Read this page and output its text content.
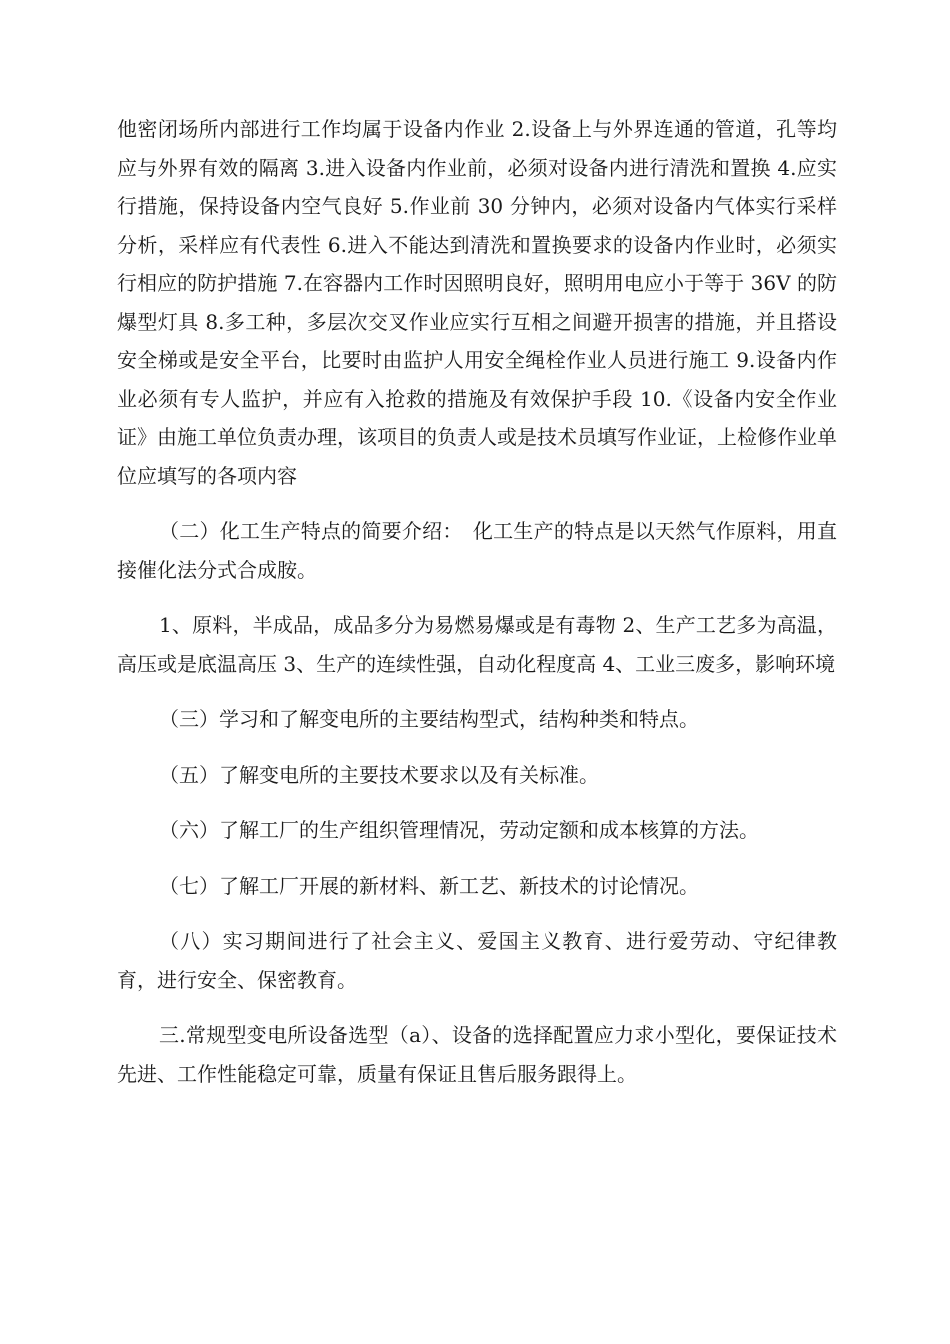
他密闭场所内部进行工作均属于设备内作业 2.设备上与外界连通的管道，孔等均应与外界有效的隔离 3.进入设备内作业前，必须对设备内进行清洗和置换 4.应实行措施，保持设备内空气良好 5.作业前 30 分钟内，必须对设备内气体实行采样分析，采样应有代表性 6.进入不能达到清洗和置换要求的设备内作业时，必须实行相应的防护措施 7.在容器内工作时因照明良好，照明用电应小于等于 36V 的防爆型灯具 8.多工种，多层次交叉作业应实行互相之间避开损害的措施，并且搭设安全梯或是安全平台，比要时由监护人用安全绳栓作业人员进行施工 9.设备内作业必须有专人监护，并应有入抢救的措施及有效保护手段 10.《设备内安全作业证》由施工单位负责办理，该项目的负责人或是技术员填写作业证，上检修作业单位应填写的各项内容

（二）化工生产特点的简要介绍：　化工生产的特点是以天然气作原料，用直接催化法分式合成胺。

1、原料，半成品，成品多分为易燃易爆或是有毒物 2、生产工艺多为高温，高压或是底温高压 3、生产的连续性强，自动化程度高 4、工业三废多，影响环境

（三）学习和了解变电所的主要结构型式，结构种类和特点。

（五）了解变电所的主要技术要求以及有关标准。

（六）了解工厂的生产组织管理情况，劳动定额和成本核算的方法。

（七）了解工厂开展的新材料、新工艺、新技术的讨论情况。

（八）实习期间进行了社会主义、爱国主义教育、进行爱劳动、守纪律教育，进行安全、保密教育。

三.常规型变电所设备选型（a）、设备的选择配置应力求小型化，要保证技术先进、工作性能稳定可靠，质量有保证且售后服务跟得上。
